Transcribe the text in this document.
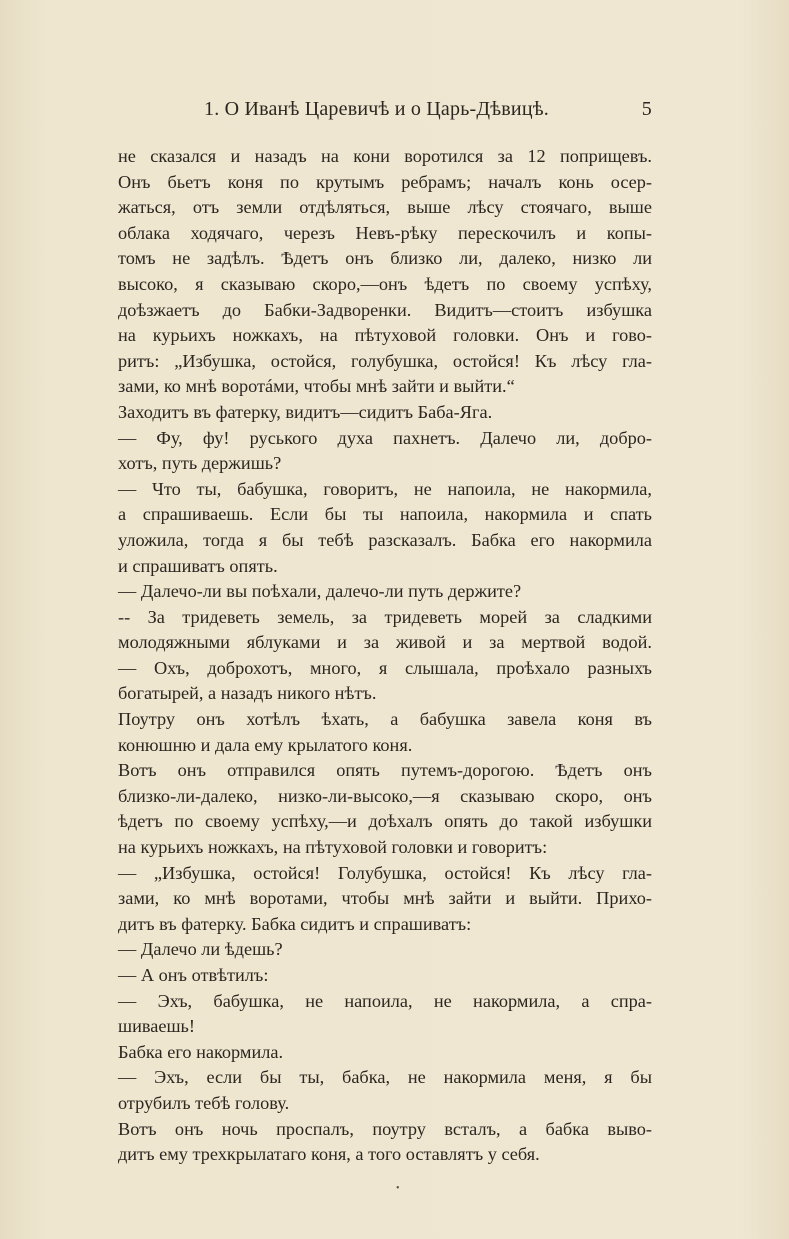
1. О Иванѣ Царевичѣ и о Царь-Дѣвицѣ.	5

не сказался и назадъ на кони воротился за 12 поприщевъ.

Онъ бьетъ коня по крутымъ ребрамъ; началъ конь осер-

жаться, отъ земли отдѣляться, выше лѣсу стоячаго, выше

облака ходячаго, черезъ Невъ-рѣку перескочилъ и копы-

томъ не задѣлъ. Ѣдетъ онъ близко ли, далеко, низко ли

высоко, я сказываю скоро,—онъ ѣдетъ по своему успѣху,

доѣзжаетъ до Бабки-Задворенки. Видитъ—стоитъ избушка

на курьихъ ножкахъ, на пѣтуховой головки. Онъ и гово-

ритъ: „Избушка, остойся, голубушка, остойся! Къ лѣсу гла-

зами, ко мнѣ воротáми, чтобы мнѣ зайти и выйти.“

Заходитъ въ фатерку, видитъ—сидитъ Баба-Яга.

— Фу, фу! руського духа пахнетъ. Далечо ли, добро-

хотъ, путь держишь?

— Что ты, бабушка, говоритъ, не напоила, не накормила,

а спрашиваешь. Если бы ты напоила, накормила и спать

уложила, тогда я бы тебѣ разсказалъ. Бабка его накормила

и спрашиватъ опять.

— Далечо-ли вы поѣхали, далечо-ли путь держите?

-- За тридеветь земель, за тридеветь морей за сладкими

молодяжными яблуками и за живой и за мертвой водой.

— Охъ, доброхотъ, много, я слышала, проѣхало разныхъ

богатырей, а назадъ никого нѣтъ.

Поутру онъ хотѣлъ ѣхать, а бабушка завела коня въ

конюшню и дала ему крылатого коня.

Вотъ онъ отправился опять путемъ-дорогою. Ѣдетъ онъ

близко-ли-далеко, низко-ли-высоко,—я сказываю скоро, онъ

ѣдетъ по своему успѣху,—и доѣхалъ опять до такой избушки

на курьихъ ножкахъ, на пѣтуховой головки и говоритъ:

— „Избушка, остойся! Голубушка, остойся! Къ лѣсу гла-

зами, ко мнѣ воротами, чтобы мнѣ зайти и выйти. Прихо-

дитъ въ фатерку. Бабка сидитъ и спрашиватъ:

— Далечо ли ѣдешь?

— А онъ отвѣтилъ:

— Эхъ, бабушка, не напоила, не накормила, а спра-

шиваешь!

Бабка его накормила.

— Эхъ, если бы ты, бабка, не накормила меня, я бы

отрубилъ тебѣ голову.

Вотъ онъ ночь проспалъ, поутру всталъ, а бабка выво-

дитъ ему трехкрылатаго коня, а того оставлятъ у себя.

•
